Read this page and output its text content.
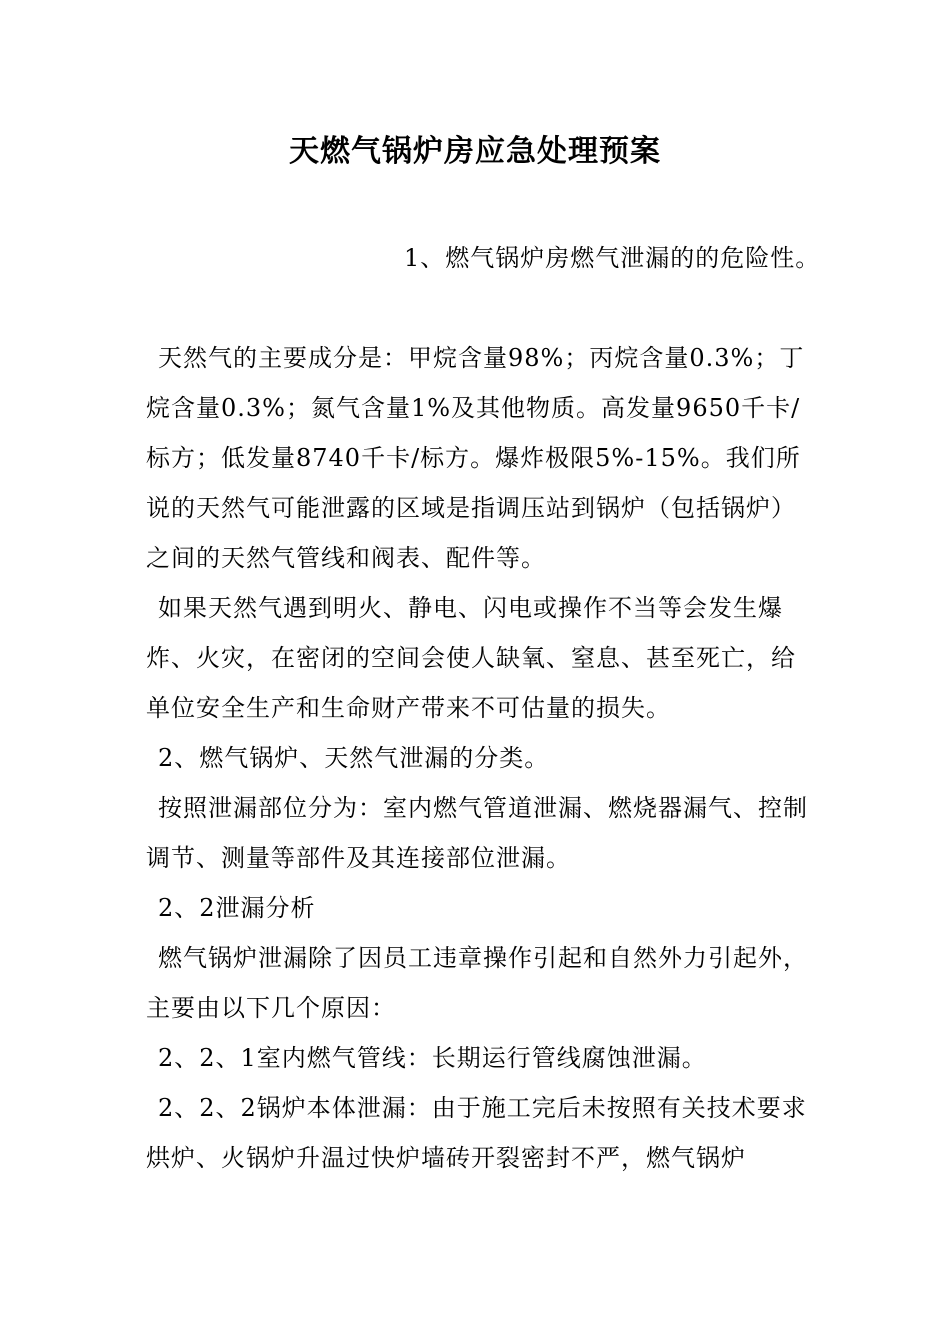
天燃气锅炉房应急处理预案
1、燃气锅炉房燃气泄漏的的危险性。

天然气的主要成分是：甲烷含量98%；丙烷含量0.3%；丁烷含量0.3%；氮气含量1%及其他物质。高发量9650千卡/标方；低发量8740千卡/标方。爆炸极限5%-15%。我们所说的天然气可能泄露的区域是指调压站到锅炉（包括锅炉）之间的天然气管线和阀表、配件等。

如果天然气遇到明火、静电、闪电或操作不当等会发生爆炸、火灾，在密闭的空间会使人缺氧、窒息、甚至死亡，给单位安全生产和生命财产带来不可估量的损失。

2、燃气锅炉、天然气泄漏的分类。

按照泄漏部位分为：室内燃气管道泄漏、燃烧器漏气、控制调节、测量等部件及其连接部位泄漏。

2、2泄漏分析

燃气锅炉泄漏除了因员工违章操作引起和自然外力引起外，主要由以下几个原因：

2、2、1室内燃气管线：长期运行管线腐蚀泄漏。

2、2、2锅炉本体泄漏：由于施工完后未按照有关技术要求烘炉、火锅炉升温过快炉墙砖开裂密封不严，燃气锅炉
